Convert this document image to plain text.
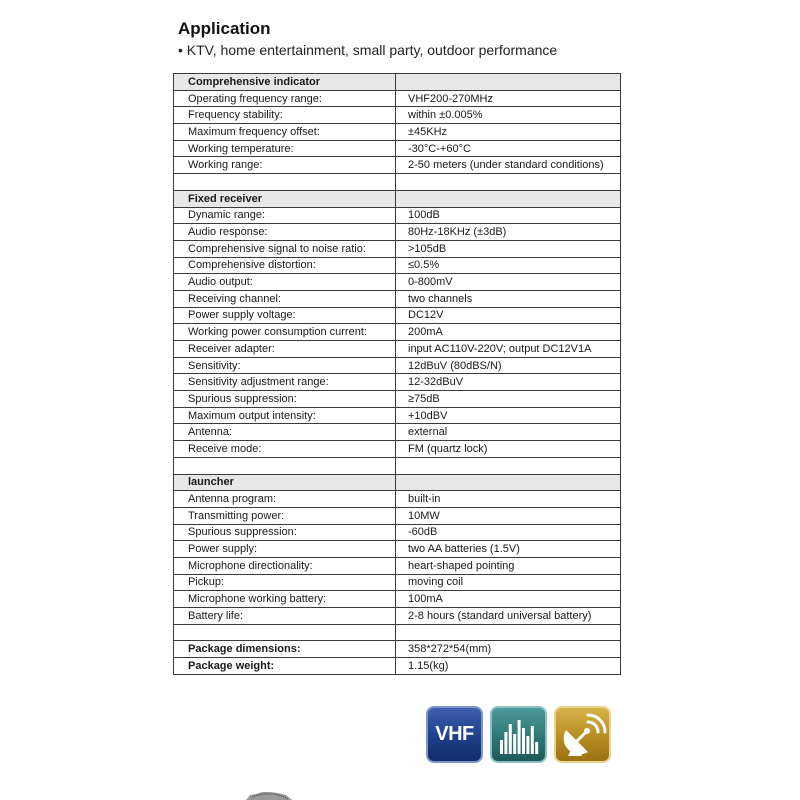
Application
• KTV, home entertainment, small party, outdoor performance
Comprehensive indicator	
Operating frequency range:	VHF200-270MHz
Frequency stability:	within ±0.005%
Maximum frequency offset:	±45KHz
Working temperature:	-30°C-+60°C
Working range:	2-50 meters (under standard conditions)

Fixed receiver	
Dynamic range:	100dB
Audio response:	80Hz-18KHz (±3dB)
Comprehensive signal to noise ratio:	>105dB
Comprehensive distortion:	≤0.5%
Audio output:	0-800mV
Receiving channel:	two channels
Power supply voltage:	DC12V
Working power consumption current:	200mA
Receiver adapter:	input AC110V-220V; output DC12V1A
Sensitivity:	12dBuV (80dBS/N)
Sensitivity adjustment range:	12-32dBuV
Spurious suppression:	≥75dB
Maximum output intensity:	+10dBV
Antenna:	external
Receive mode:	FM (quartz lock)

launcher	
Antenna program:	built-in
Transmitting power:	10MW
Spurious suppression:	-60dB
Power supply:	two AA batteries (1.5V)
Microphone directionality:	heart-shaped pointing
Pickup:	moving coil
Microphone working battery:	100mA
Battery life:	2-8 hours (standard universal battery)

Package dimensions:	358*272*54(mm)
Package weight:	1.15(kg)
VHF
